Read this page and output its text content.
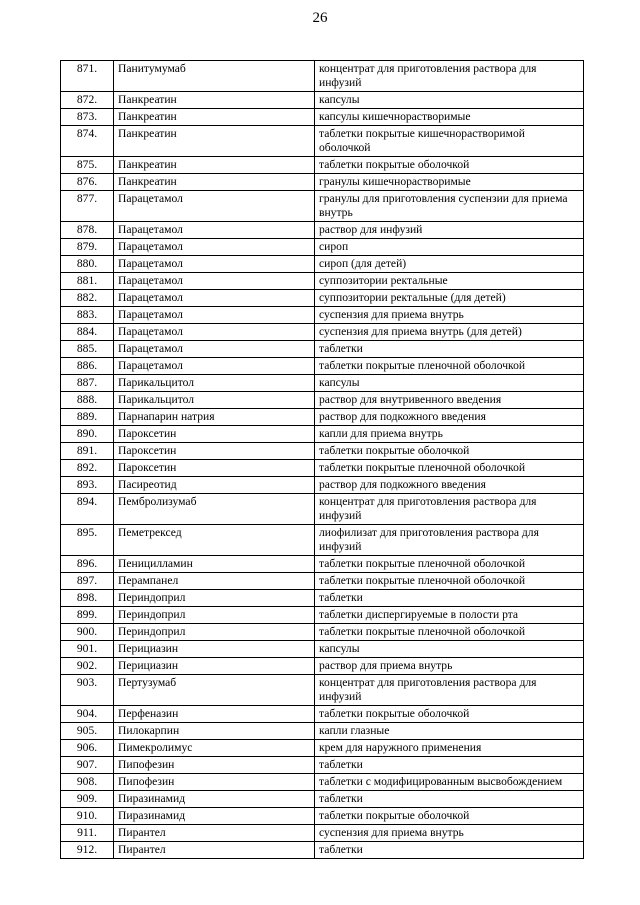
26
871.	Панитумумаб	концентрат для приготовления раствора для инфузий
872.	Панкреатин	капсулы
873.	Панкреатин	капсулы кишечнорастворимые
874.	Панкреатин	таблетки покрытые кишечнорастворимой оболочкой
875.	Панкреатин	таблетки покрытые оболочкой
876.	Панкреатин	гранулы кишечнорастворимые
877.	Парацетамол	гранулы для приготовления суспензии для приема внутрь
878.	Парацетамол	раствор для инфузий
879.	Парацетамол	сироп
880.	Парацетамол	сироп (для детей)
881.	Парацетамол	суппозитории ректальные
882.	Парацетамол	суппозитории ректальные (для детей)
883.	Парацетамол	суспензия для приема внутрь
884.	Парацетамол	суспензия для приема внутрь (для детей)
885.	Парацетамол	таблетки
886.	Парацетамол	таблетки покрытые пленочной оболочкой
887.	Парикальцитол	капсулы
888.	Парикальцитол	раствор для внутривенного введения
889.	Парнапарин натрия	раствор для подкожного введения
890.	Пароксетин	капли для приема внутрь
891.	Пароксетин	таблетки покрытые оболочкой
892.	Пароксетин	таблетки покрытые пленочной оболочкой
893.	Пасиреотид	раствор для подкожного введения
894.	Пембролизумаб	концентрат для приготовления раствора для инфузий
895.	Пеметрексед	лиофилизат для приготовления раствора для инфузий
896.	Пеницилламин	таблетки покрытые пленочной оболочкой
897.	Перампанел	таблетки покрытые пленочной оболочкой
898.	Периндоприл	таблетки
899.	Периндоприл	таблетки диспергируемые в полости рта
900.	Периндоприл	таблетки покрытые пленочной оболочкой
901.	Перициазин	капсулы
902.	Перициазин	раствор для приема внутрь
903.	Пертузумаб	концентрат для приготовления раствора для инфузий
904.	Перфеназин	таблетки покрытые оболочкой
905.	Пилокарпин	капли глазные
906.	Пимекролимус	крем для наружного применения
907.	Пипофезин	таблетки
908.	Пипофезин	таблетки с модифицированным высвобождением
909.	Пиразинамид	таблетки
910.	Пиразинамид	таблетки покрытые оболочкой
911.	Пирантел	суспензия для приема внутрь
912.	Пирантел	таблетки
